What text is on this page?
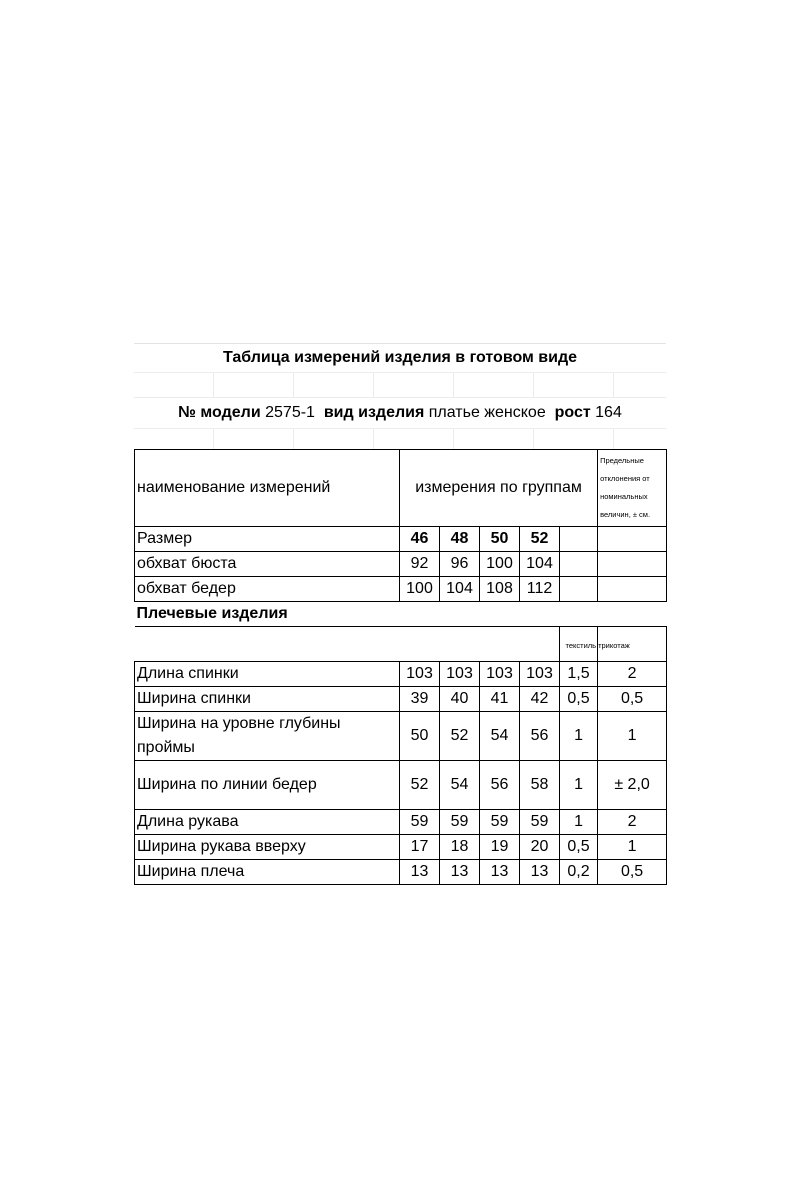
Таблица измерений изделия в готовом виде
№ модели 2575-1 вид изделия платье женское рост 164
наименование измерений	измерения по группам					Предельные отклонения от номинальных величин, ± см.
Размер	46	48	50	52		
обхват бюста	92	96	100	104		
обхват бедер	100	104	108	112		
Плечевые изделия						
					текстиль	трикотаж
Длина спинки	103	103	103	103	1,5	2
Ширина спинки	39	40	41	42	0,5	0,5
Ширина на уровне глубины проймы	50	52	54	56	1	1
Ширина по линии бедер	52	54	56	58	1	± 2,0
Длина рукава	59	59	59	59	1	2
Ширина рукава вверху	17	18	19	20	0,5	1
Ширина плеча	13	13	13	13	0,2	0,5
